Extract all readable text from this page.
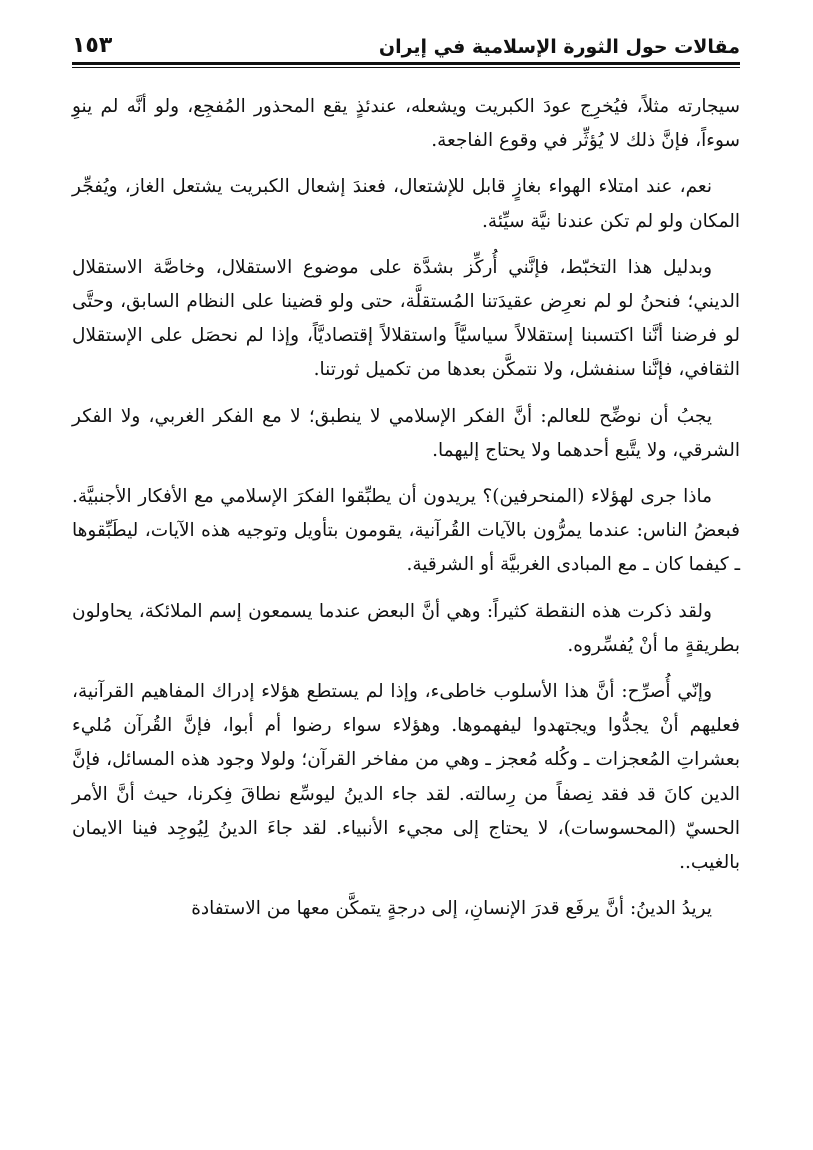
مقالات حول الثورة الإسلامية في إيران
١٥٣

سيجارته مثلاً، فيُخرِج عودَ الكبريت ويشعله، عندئذٍ يقع المحذور المُفجِع، ولو أنَّه لم ينوِ سوءاً، فإنَّ ذلك لا يُؤثِّر في وقوع الفاجعة.

نعم، عند امتلاء الهواء بغازٍ قابل للإشتعال، فعندَ إشعال الكبريت يشتعل الغاز، ويُفجِّر المكان ولو لم تكن عندنا نيَّة سيِّئة.

وبدليل هذا التخبّط، فإنَّني أُركِّز بشدَّة على موضوع الاستقلال، وخاصَّة الاستقلال الديني؛ فنحنُ لو لم نعرِض عقيدَتنا المُستقلَّة، حتى ولو قضينا على النظام السابق، وحتَّى لو فرضنا أنَّنا اكتسبنا إستقلالاً سياسيَّاً واستقلالاً إقتصاديَّاً، وإذا لم نحصَل على الإستقلال الثقافي، فإنَّنا سنفشل، ولا نتمكَّن بعدها من تكميل ثورتنا.

يجبُ أن نوضِّح للعالم: أنَّ الفكر الإسلامي لا ينطبق؛ لا مع الفكر الغربي، ولا الفكر الشرقي، ولا يتَّبع أحدهما ولا يحتاج إليهما.

ماذا جرى لهؤلاء (المنحرفين)؟ يريدون أن يطبِّقوا الفكرَ الإسلامي مع الأفكار الأجنبيَّة. فبعضُ الناس: عندما يمرُّون بالآيات القُرآنية، يقومون بتأويل وتوجيه هذه الآيات، ليطَبِّقوها ـ كيفما كان ـ مع المبادى الغربيَّة أو الشرقية.

ولقد ذكرت هذه النقطة كثيراً: وهي أنَّ البعض عندما يسمعون إسم الملائكة، يحاولون بطريقةٍ ما أنْ يُفسِّروه.

وإنّي أُصرِّح: أنَّ هذا الأسلوب خاطىء، وإذا لم يستطع هؤلاء إدراك المفاهيم القرآنية، فعليهم أنْ يجدُّوا ويجتهدوا ليفهموها. وهؤلاء سواء رضوا أم أبوا، فإنَّ القُرآن مُليء بعشراتِ المُعجزات ـ وكُله مُعجز ـ وهي من مفاخر القرآن؛ ولولا وجود هذه المسائل، فإنَّ الدين كانَ قد فقد نِصفاً من رِسالته. لقد جاء الدينُ ليوسِّع نطاقَ فِكرنا، حيث أنَّ الأمر الحسيّ (المحسوسات)، لا يحتاج إلى مجيء الأنبياء. لقد جاءَ الدينُ لِيُوجِد فينا الايمان بالغيب..

يريدُ الدينُ: أنَّ يرفَع قدرَ الإنسانِ، إلى درجةٍ يتمكَّن معها من الاستفادة
